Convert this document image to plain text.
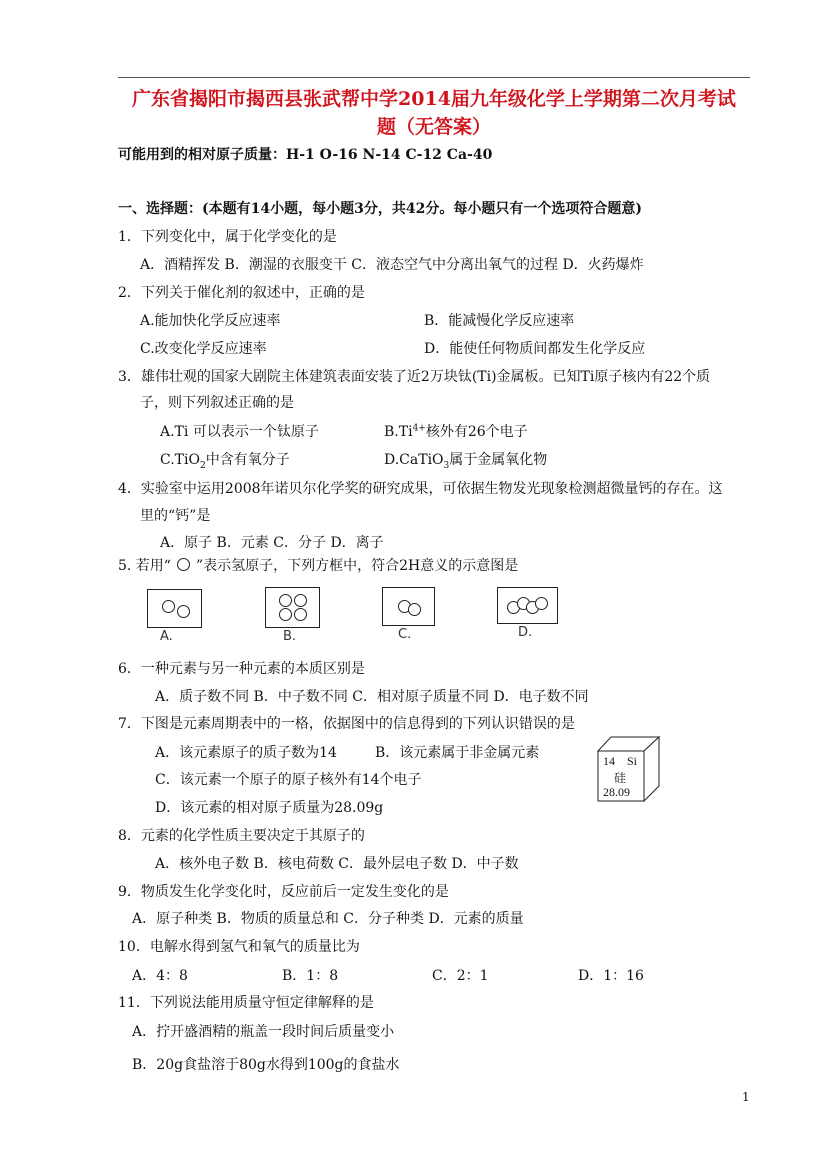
广东省揭阳市揭西县张武帮中学2014届九年级化学上学期第二次月考试
题（无答案）
可能用到的相对原子质量：H-1 O-16 N-14 C-12 Ca-40
一、选择题：(本题有14小题，每小题3分，共42分。每小题只有一个选项符合题意)
1．下列变化中，属于化学变化的是
A．酒精挥发 B．潮湿的衣服变干 C．液态空气中分离出氧气的过程 D．火药爆炸
2．下列关于催化剂的叙述中，正确的是
A.能加快化学反应速率	B．能减慢化学反应速率
C.改变化学反应速率	D．能使任何物质间都发生化学反应
3．雄伟壮观的国家大剧院主体建筑表面安装了近2万块钛(Ti)金属板。已知Ti原子核内有22个质
子，则下列叙述正确的是
A.Ti 可以表示一个钛原子	$B.Ti^{4+}$核外有26个电子
C.TiO$_2$中含有氧分子	D.CaTiO$_3$属于金属氧化物
4．实验室中运用2008年诺贝尔化学奖的研究成果，可依据生物发光现象检测超微量钙的存在。这
里的“钙”是
A．原子 B．元素 C．分子 D．离子
5. 若用“ ”表示氢原子，下列方框中，符合2H意义的示意图是
A.	B.	C.	D.
6．一种元素与另一种元素的本质区别是
A．质子数不同 B．中子数不同 C．相对原子质量不同 D．电子数不同
7．下图是元素周期表中的一格，依据图中的信息得到的下列认识错误的是
A．该元素原子的质子数为14	B．该元素属于非金属元素
C．该元素一个原子的原子核外有14个电子
D．该元素的相对原子质量为28.09g
14 Si
硅
28.09
8．元素的化学性质主要决定于其原子的
A．核外电子数 B．核电荷数 C．最外层电子数 D．中子数
9．物质发生化学变化时，反应前后一定发生变化的是
A．原子种类 B．物质的质量总和 C．分子种类 D．元素的质量
10．电解水得到氢气和氧气的质量比为
A．4：8	B．1：8	C．2：1	D．1：16
11．下列说法能用质量守恒定律解释的是
A．拧开盛酒精的瓶盖一段时间后质量变小
B．20g食盐溶于80g水得到100g的食盐水
1
